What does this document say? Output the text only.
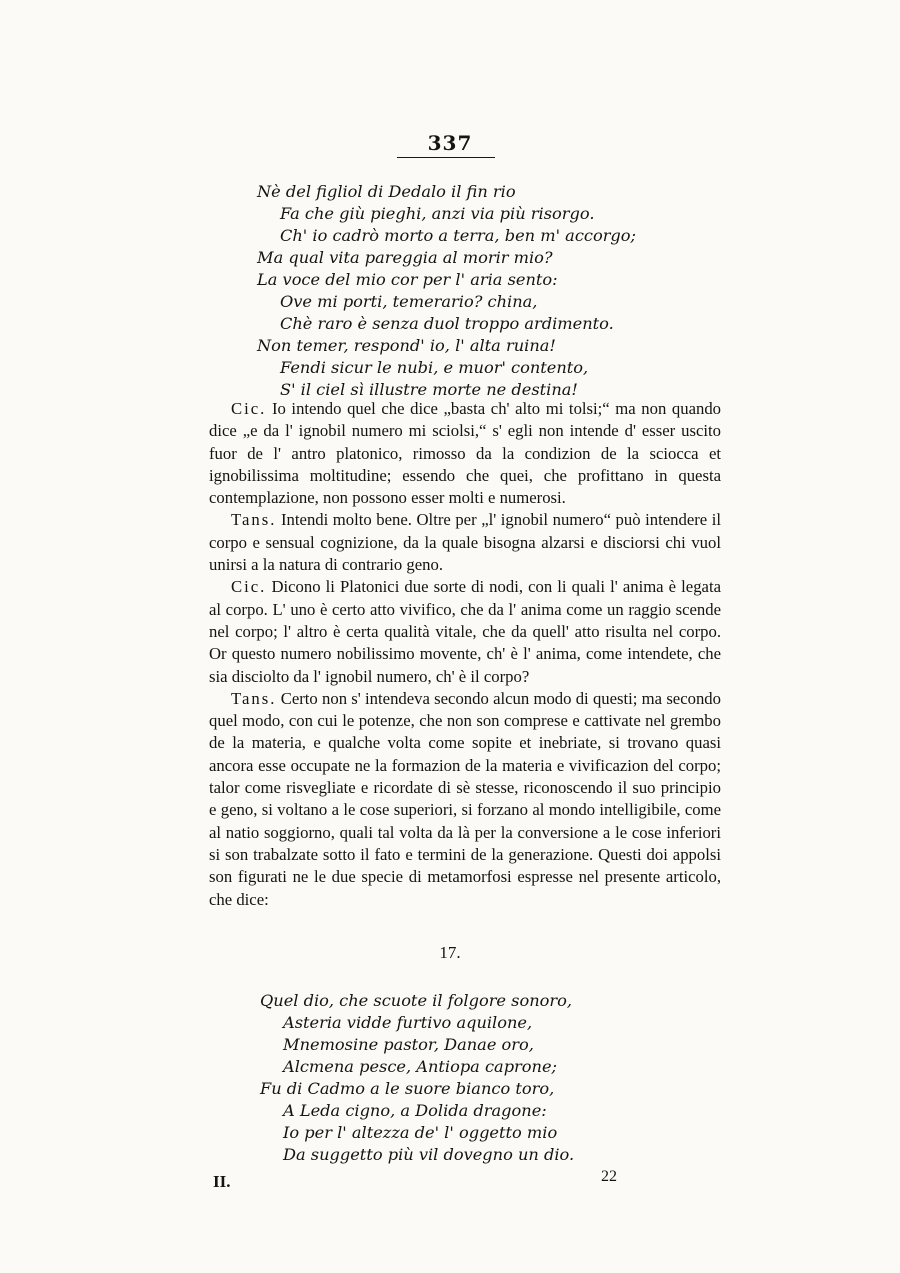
337
Nè del figliol di Dedalo il fin rio
Fa che giù pieghi, anzi via più risorgo.
Ch' io cadrò morto a terra, ben m' accorgo;
Ma qual vita pareggia al morir mio?
La voce del mio cor per l' aria sento:
Ove mi porti, temerario? china,
Chè raro è senza duol troppo ardimento.
Non temer, respond' io, l' alta ruina!
Fendi sicur le nubi, e muor' contento,
S' il ciel sì illustre morte ne destina!

Cic. Io intendo quel che dice „basta ch' alto mi tolsi;“ ma non quando dice „e da l' ignobil numero mi sciolsi,“ s' egli non intende d' esser uscito fuor de l' antro platonico, rimosso da la condizion de la sciocca et ignobilissima moltitudine; essendo che quei, che profittano in questa contemplazione, non possono esser molti e numerosi.

Tans. Intendi molto bene. Oltre per „l' ignobil numero“ può intendere il corpo e sensual cognizione, da la quale bisogna alzarsi e disciorsi chi vuol unirsi a la natura di contrario geno.

Cic. Dicono li Platonici due sorte di nodi, con li quali l' anima è legata al corpo. L' uno è certo atto vivifico, che da l' anima come un raggio scende nel corpo; l' altro è certa qualità vitale, che da quell' atto risulta nel corpo. Or questo numero nobilissimo movente, ch' è l' anima, come intendete, che sia disciolto da l' ignobil numero, ch' è il corpo?

Tans. Certo non s' intendeva secondo alcun modo di questi; ma secondo quel modo, con cui le potenze, che non son comprese e cattivate nel grembo de la materia, e qualche volta come sopite et inebriate, si trovano quasi ancora esse occupate ne la formazion de la materia e vivificazion del corpo; talor come risvegliate e ricordate di sè stesse, riconoscendo il suo principio e geno, si voltano a le cose superiori, si forzano al mondo intelligibile, come al natio soggiorno, quali tal volta da là per la conversione a le cose inferiori si son trabalzate sotto il fato e termini de la generazione. Questi doi appolsi son figurati ne le due specie di metamorfosi espresse nel presente articolo, che dice:

17.
Quel dio, che scuote il folgore sonoro,
Asteria vidde furtivo aquilone,
Mnemosine pastor, Danae oro,
Alcmena pesce, Antiopa caprone;
Fu di Cadmo a le suore bianco toro,
A Leda cigno, a Dolida dragone:
Io per l' altezza de' l' oggetto mio
Da suggetto più vil dovegno un dio.
II.	22
